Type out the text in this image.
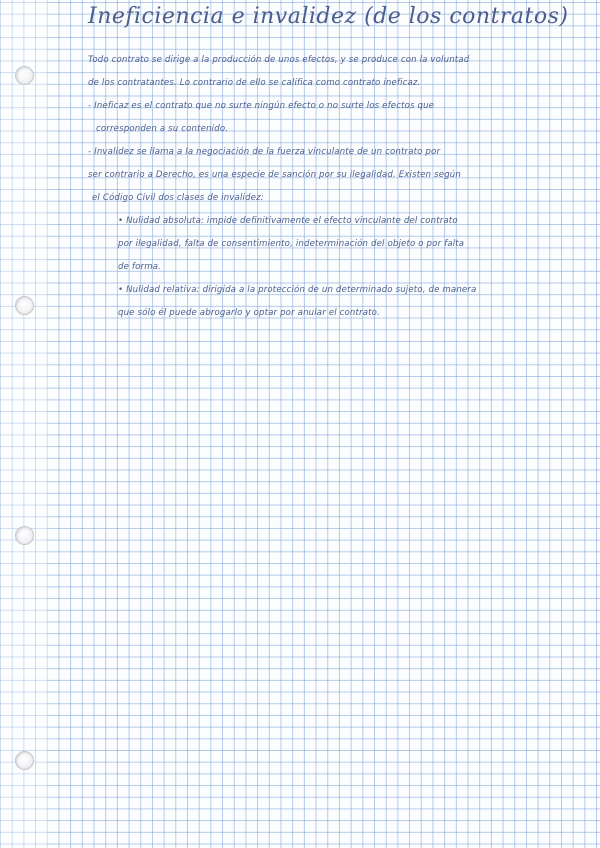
Ineficiencia e invalidez (de los contratos)
Todo contrato se dirige a la producción de unos efectos, y se produce con la voluntad
de los contratantes. Lo contrario de ello se califica como contrato ineficaz.
- Ineficaz es el contrato que no surte ningún efecto o no surte los efectos que
corresponden a su contenido.
- Invalidez se llama a la negociación de la fuerza vinculante de un contrato por
ser contrario a Derecho, es una especie de sanción por su ilegalidad. Existen según
el Código Civil dos clases de invalidez:
• Nulidad absoluta: impide definitivamente el efecto vinculante del contrato
por ilegalidad, falta de consentimiento, indeterminación del objeto o por falta
de forma.
• Nulidad relativa: dirigida a la protección de un determinado sujeto, de manera
que sólo él puede abrogarlo y optar por anular el contrato.
